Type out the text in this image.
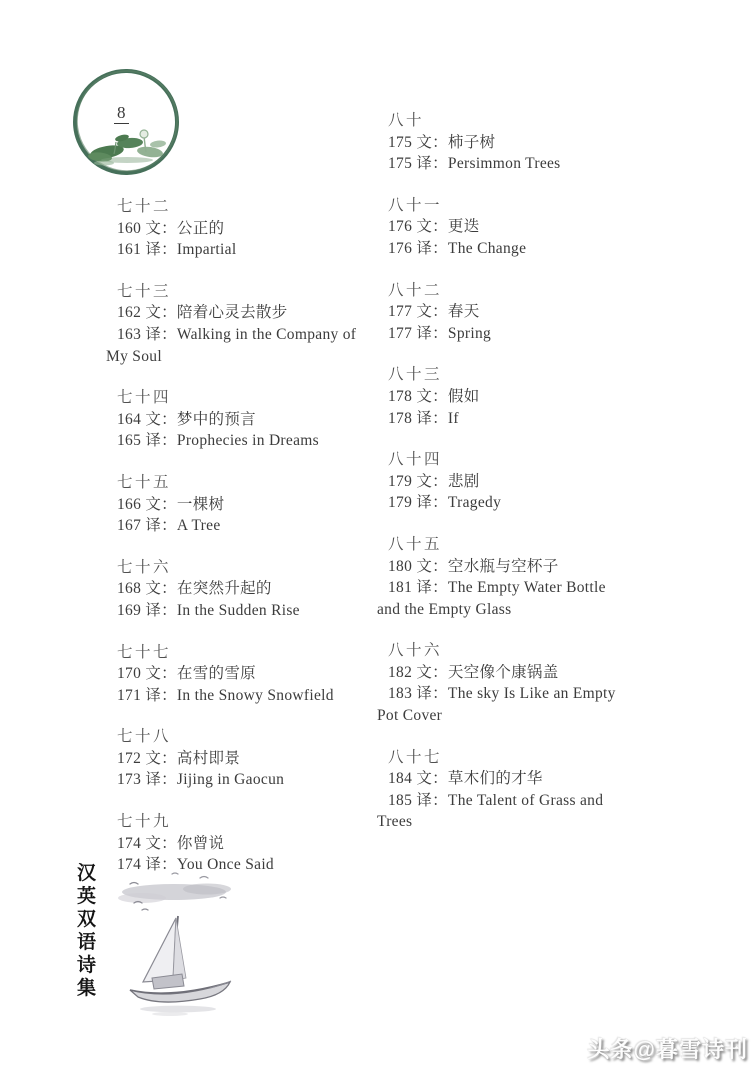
8

七十二

160 文：公正的

161 译：Impartial

七十三

162 文：陪着心灵去散步

163 译：Walking in the Company of My Soul

七十四

164 文：梦中的预言

165 译：Prophecies in Dreams

七十五

166 文：一棵树

167 译：A Tree

七十六

168 文：在突然升起的

169 译：In the Sudden Rise

七十七

170 文：在雪的雪原

171 译：In the Snowy Snowfield

七十八

172 文：高村即景

173 译：Jijing in Gaocun

七十九

174 文：你曾说

174 译：You Once Said

八十

175 文：柿子树

175 译：Persimmon Trees

八十一

176 文：更迭

176 译：The Change

八十二

177 文：春天

177 译：Spring

八十三

178 文：假如

178 译：If

八十四

179 文：悲剧

179 译：Tragedy

八十五

180 文：空水瓶与空杯子

181 译：The Empty Water Bottle and the Empty Glass

八十六

182 文：天空像个康锅盖

183 译：The sky Is Like an Empty Pot Cover

八十七

184 文：草木们的才华

185 译：The Talent of Grass and Trees

汉
英
双
语
诗
集
头条@暮雪诗刊
